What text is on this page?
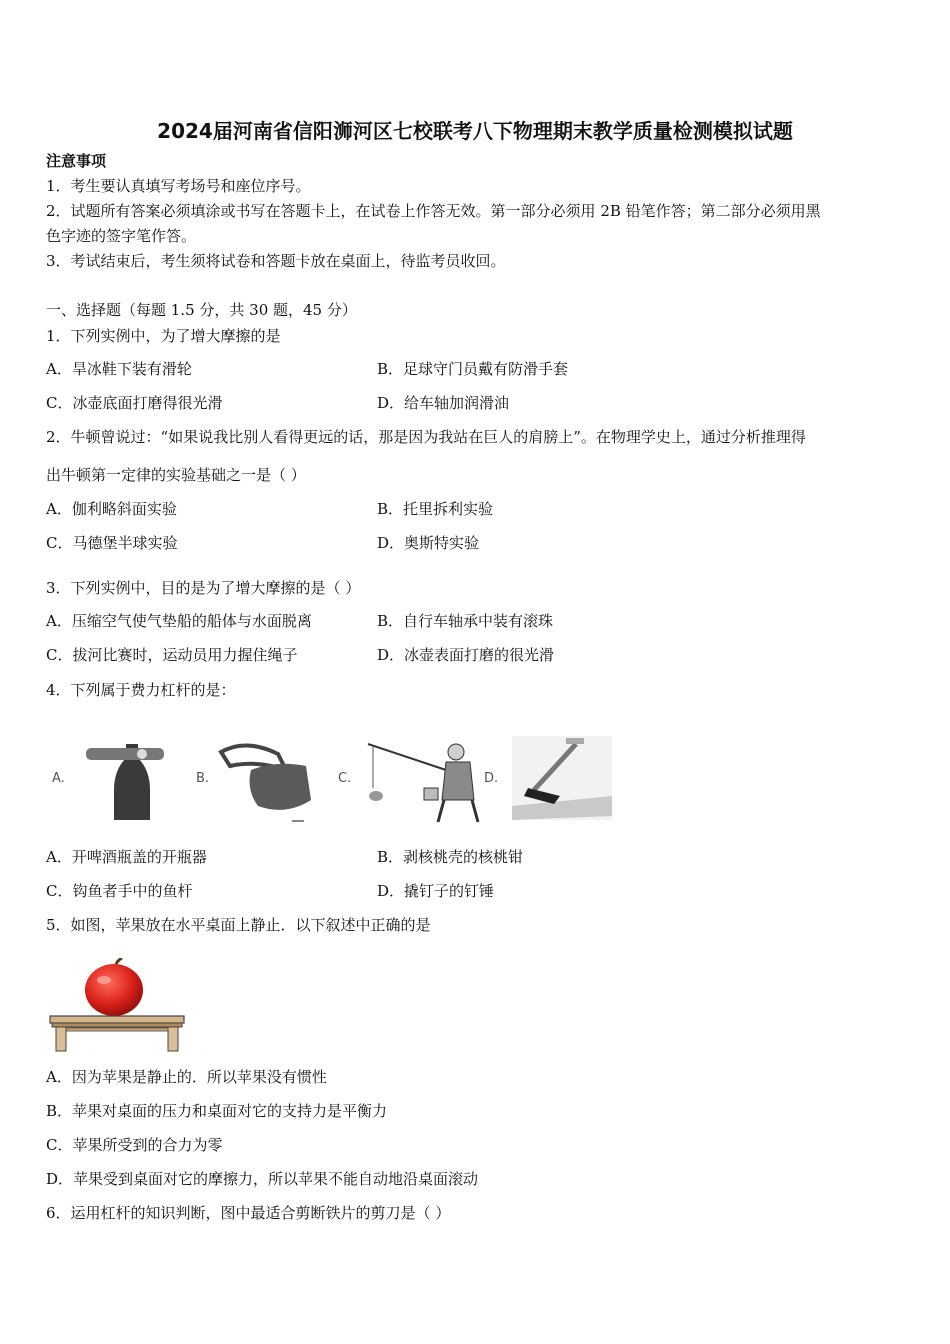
2024届河南省信阳浉河区七校联考八下物理期末教学质量检测模拟试题
注意事项
1．考生要认真填写考场号和座位序号。
2．试题所有答案必须填涂或书写在答题卡上，在试卷上作答无效。第一部分必须用 2B 铅笔作答；第二部分必须用黑
色字迹的签字笔作答。
3．考试结束后，考生须将试卷和答题卡放在桌面上，待监考员收回。
一、选择题（每题 1.5 分，共 30 题，45 分）
1．下列实例中，为了增大摩擦的是
A．旱冰鞋下装有滑轮	B．足球守门员戴有防滑手套
C．冰壶底面打磨得很光滑	D．给车轴加润滑油
2．牛顿曾说过：“如果说我比别人看得更远的话，那是因为我站在巨人的肩膀上”。在物理学史上，通过分析推理得
出牛顿第一定律的实验基础之一是（ ）
A．伽利略斜面实验	B．托里拆利实验
C．马德堡半球实验	D．奥斯特实验
3．下列实例中，目的是为了增大摩擦的是（ ）
A．压缩空气使气垫船的船体与水面脱离	B．自行车轴承中装有滚珠
C．拔河比赛时，运动员用力握住绳子	D．冰壶表面打磨的很光滑
4．下列属于费力杠杆的是：
A.	B.	C.	D.
A．开啤酒瓶盖的开瓶器	B．剥核桃壳的核桃钳
C．钩鱼者手中的鱼杆	D．撬钉子的钉锤
5．如图，苹果放在水平桌面上静止．以下叙述中正确的是
A．因为苹果是静止的．所以苹果没有惯性
B．苹果对桌面的压力和桌面对它的支持力是平衡力
C．苹果所受到的合力为零
D．苹果受到桌面对它的摩擦力，所以苹果不能自动地沿桌面滚动
6．运用杠杆的知识判断，图中最适合剪断铁片的剪刀是（ ）
